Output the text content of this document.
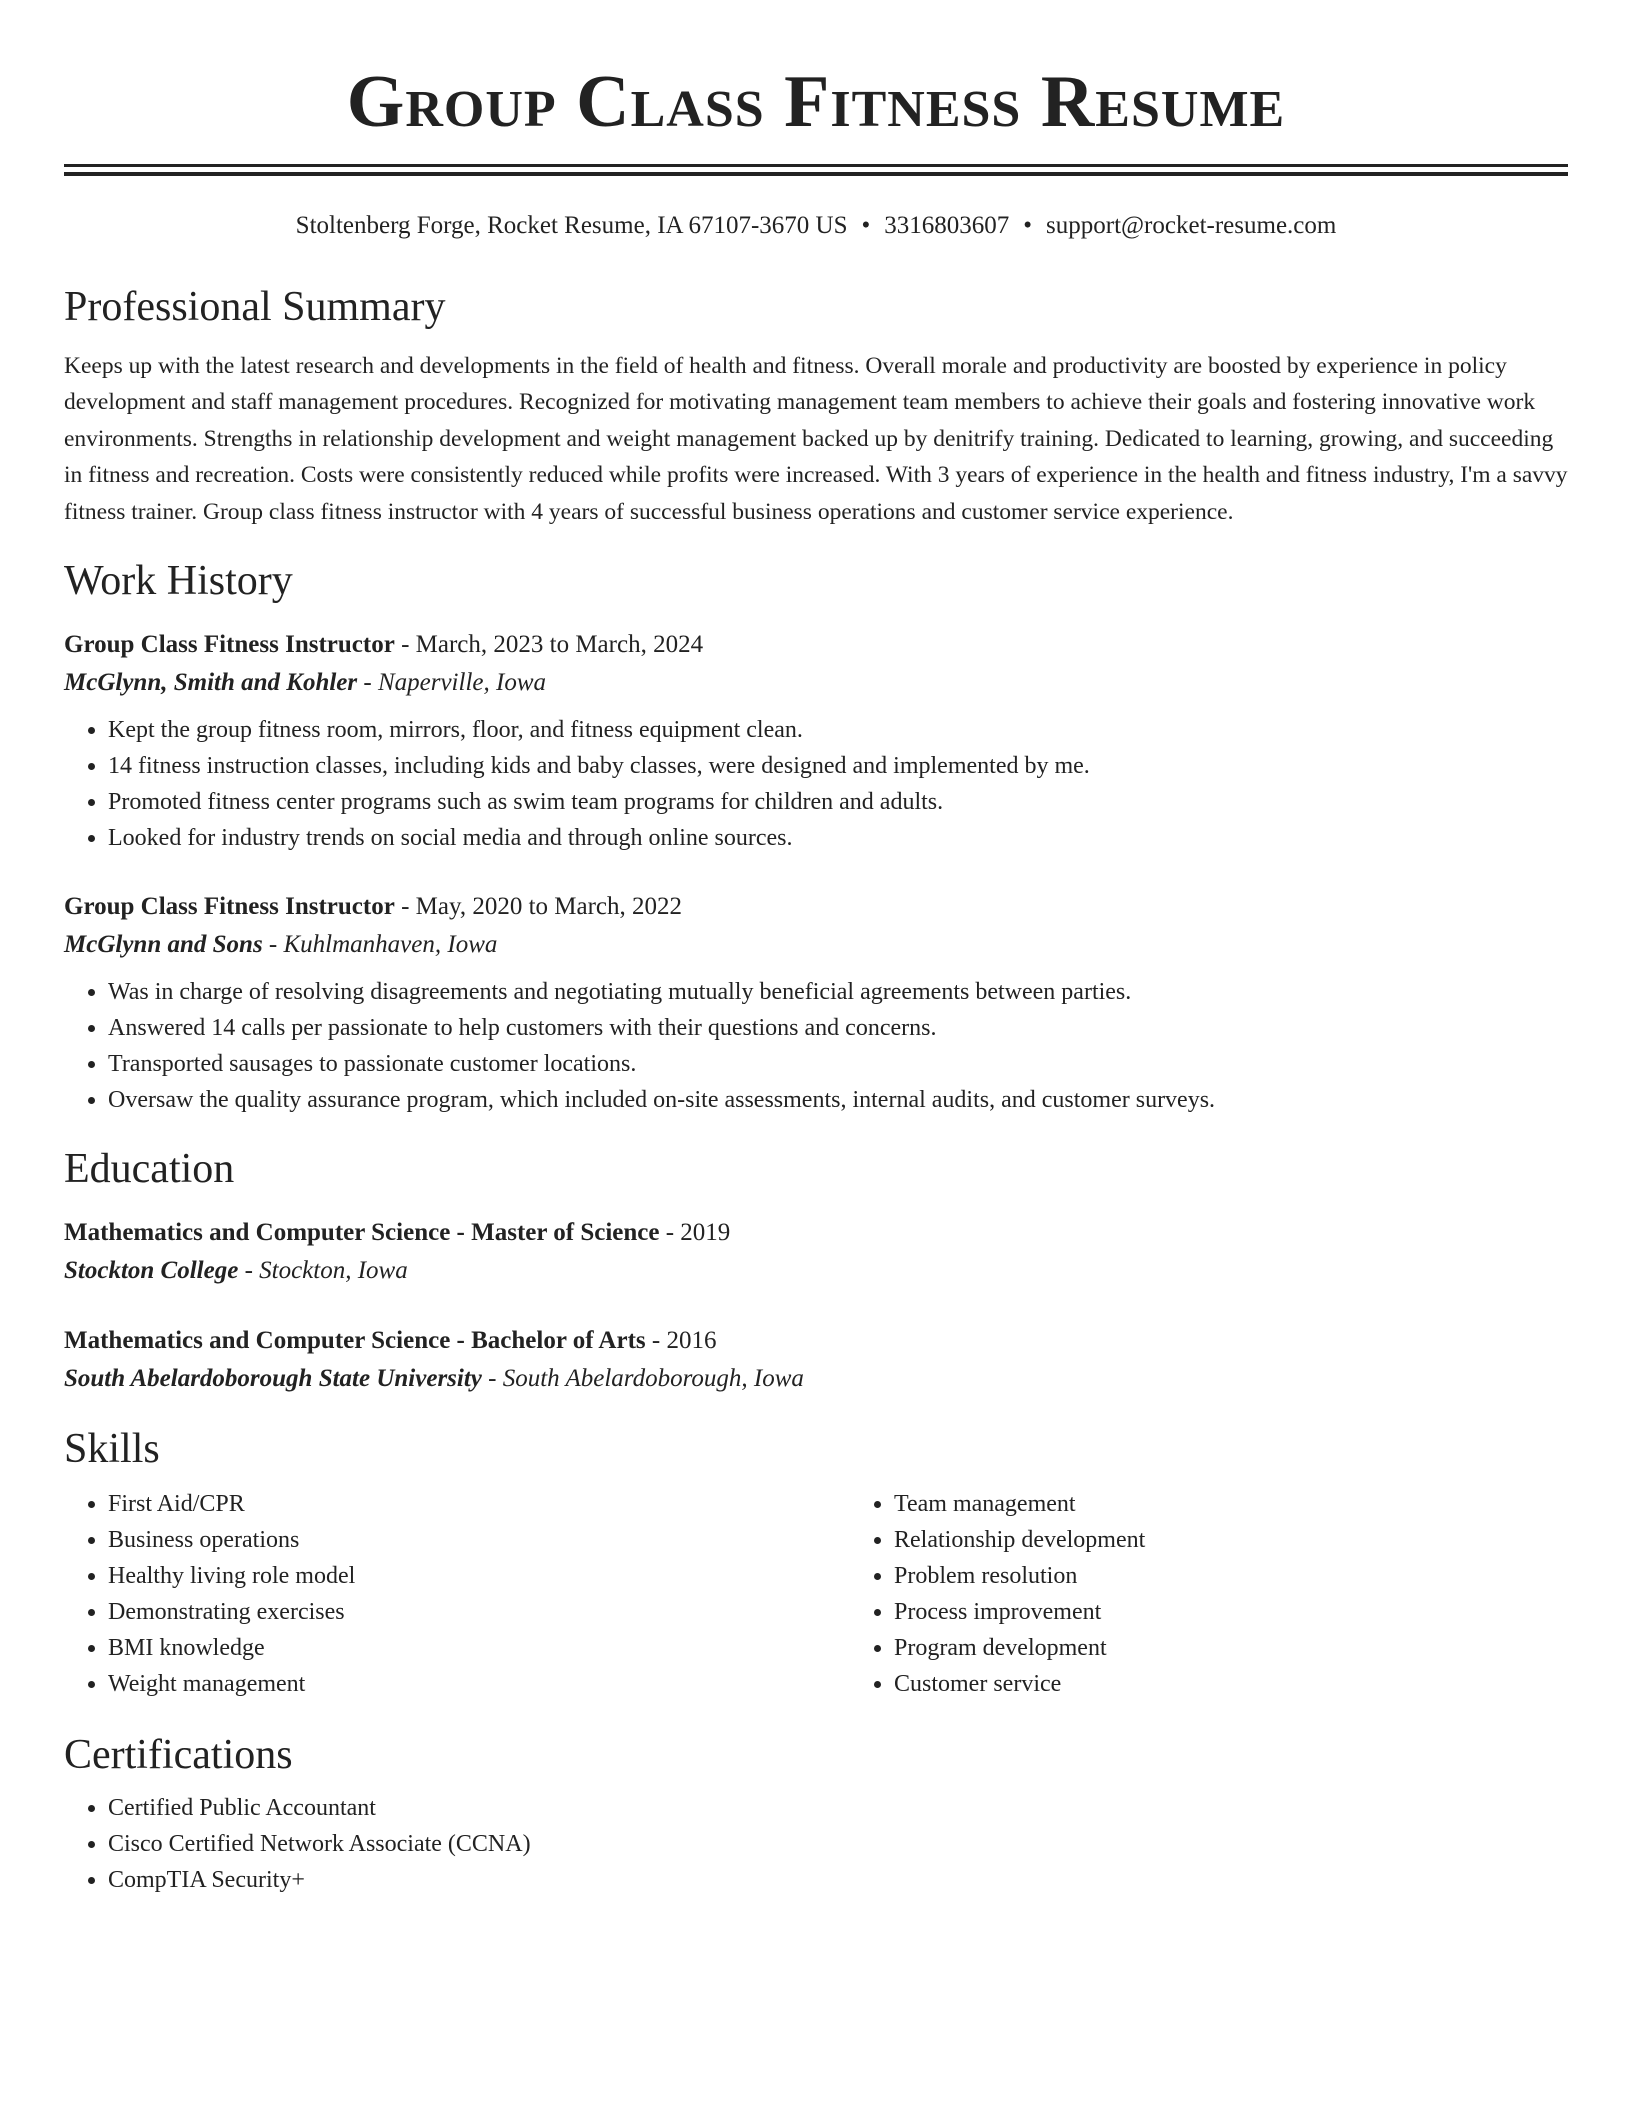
Group Class Fitness Resume
Stoltenberg Forge, Rocket Resume, IA 67107-3670 US • 3316803607 • support@rocket-resume.com
Professional Summary
Keeps up with the latest research and developments in the field of health and fitness. Overall morale and productivity are boosted by experience in policy development and staff management procedures. Recognized for motivating management team members to achieve their goals and fostering innovative work environments. Strengths in relationship development and weight management backed up by denitrify training. Dedicated to learning, growing, and succeeding in fitness and recreation. Costs were consistently reduced while profits were increased. With 3 years of experience in the health and fitness industry, I'm a savvy fitness trainer. Group class fitness instructor with 4 years of successful business operations and customer service experience.
Work History
Group Class Fitness Instructor - March, 2023 to March, 2024
McGlynn, Smith and Kohler - Naperville, Iowa
• Kept the group fitness room, mirrors, floor, and fitness equipment clean.
• 14 fitness instruction classes, including kids and baby classes, were designed and implemented by me.
• Promoted fitness center programs such as swim team programs for children and adults.
• Looked for industry trends on social media and through online sources.
Group Class Fitness Instructor - May, 2020 to March, 2022
McGlynn and Sons - Kuhlmanhaven, Iowa
• Was in charge of resolving disagreements and negotiating mutually beneficial agreements between parties.
• Answered 14 calls per passionate to help customers with their questions and concerns.
• Transported sausages to passionate customer locations.
• Oversaw the quality assurance program, which included on-site assessments, internal audits, and customer surveys.
Education
Mathematics and Computer Science - Master of Science - 2019
Stockton College - Stockton, Iowa
Mathematics and Computer Science - Bachelor of Arts - 2016
South Abelardoborough State University - South Abelardoborough, Iowa
Skills
• First Aid/CPR
• Business operations
• Healthy living role model
• Demonstrating exercises
• BMI knowledge
• Weight management
• Team management
• Relationship development
• Problem resolution
• Process improvement
• Program development
• Customer service
Certifications
• Certified Public Accountant
• Cisco Certified Network Associate (CCNA)
• CompTIA Security+
